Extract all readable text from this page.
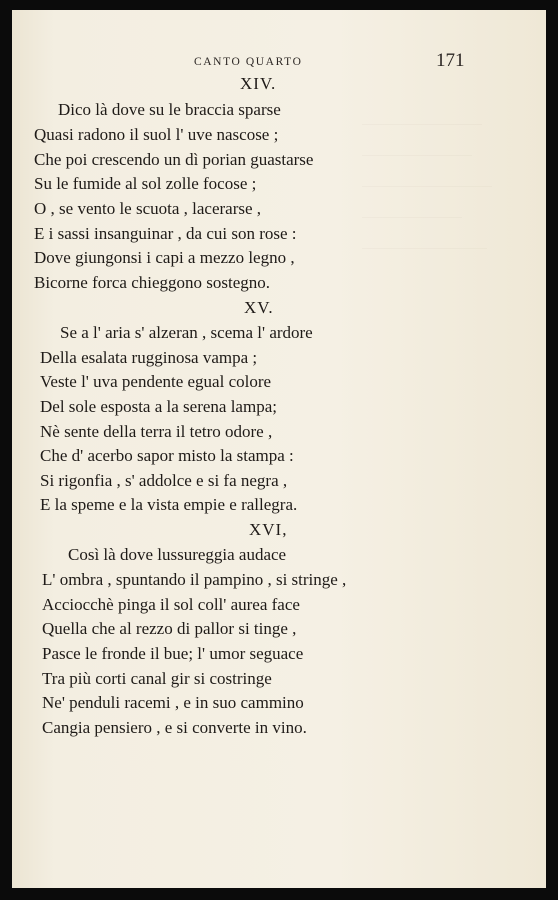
CANTO QUARTO	171
XIV.
Dico là dove su le braccia sparse
Quasi radono il suol l' uve nascose ;
Che poi crescendo un dì porian guastarse
Su le fumide al sol zolle focose ;
O , se vento le scuota , lacerarse ,
E i sassi insanguinar , da cui son rose :
Dove giungonsi i capi a mezzo legno ,
Bicorne forca chieggono sostegno.
XV.
Se a l' aria s' alzeran , scema l' ardore
Della esalata rugginosa vampa ;
Veste l' uva pendente egual colore
Del sole esposta a la serena lampa;
Nè sente della terra il tetro odore ,
Che d' acerbo sapor misto la stampa :
Si rigonfia , s' addolce e si fa negra ,
E la speme e la vista empie e rallegra.
XVI,
Così là dove lussureggia audace
L' ombra , spuntando il pampino , si stringe ,
Acciocchè pinga il sol coll' aurea face
Quella che al rezzo di pallor si tinge ,
Pasce le fronde il bue; l' umor seguace
Tra più corti canal gir si costringe
Ne' penduli racemi , e in suo cammino
Cangia pensiero , e si converte in vino.
